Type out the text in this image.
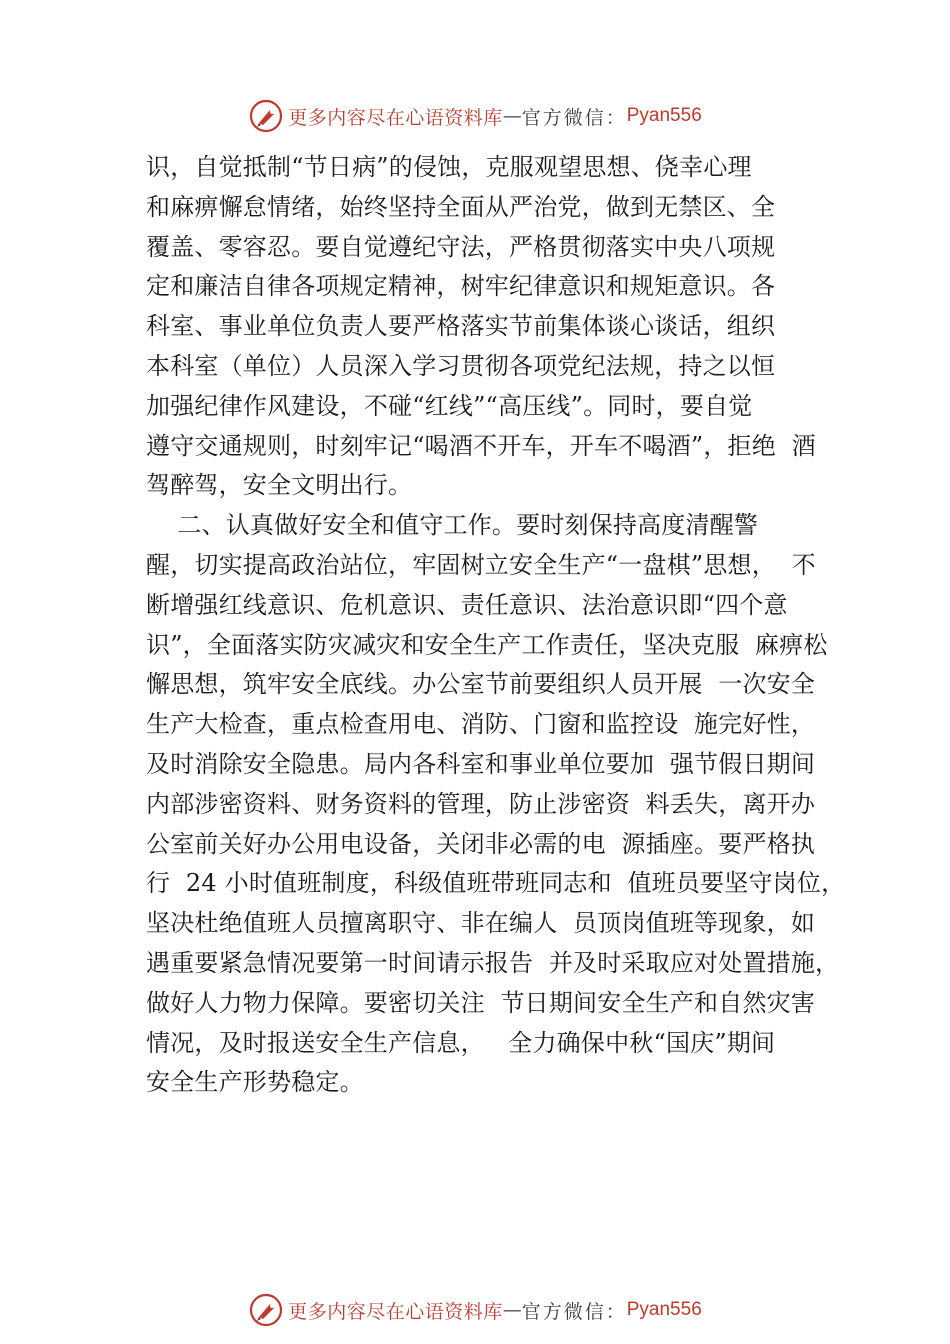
更多内容尽在心语资料库 — 官方微信： Pyan556
识，自觉抵制“节日病”的侵蚀，克服观望思想、侥幸心理
和麻痹懈怠情绪，始终坚持全面从严治党，做到无禁区、全
覆盖、零容忍。要自觉遵纪守法，严格贯彻落实中央八项规
定和廉洁自律各项规定精神，树牢纪律意识和规矩意识。各
科室、事业单位负责人要严格落实节前集体谈心谈话，组织
本科室（单位）人员深入学习贯彻各项党纪法规，持之以恒
加强纪律作风建设，不碰“红线”“高压线”。同时，要自觉
遵守交通规则，时刻牢记“喝酒不开车，开车不喝酒”，拒绝  酒
驾醉驾，安全文明出行。
二、认真做好安全和值守工作。要时刻保持高度清醒警
醒，切实提高政治站位，牢固树立安全生产“一盘棋”思想，  不
断增强红线意识、危机意识、责任意识、法治意识即“四个意
识”，全面落实防灾减灾和安全生产工作责任，坚决克服  麻痹松
懈思想，筑牢安全底线。办公室节前要组织人员开展  一次安全
生产大检查，重点检查用电、消防、门窗和监控设  施完好性，
及时消除安全隐患。局内各科室和事业单位要加  强节假日期间
内部涉密资料、财务资料的管理，防止涉密资  料丢失，离开办
公室前关好办公用电设备，关闭非必需的电  源插座。要严格执
行  24 小时值班制度，科级值班带班同志和  值班员要坚守岗位，
坚决杜绝值班人员擅离职守、非在编人  员顶岗值班等现象，如
遇重要紧急情况要第一时间请示报告  并及时采取应对处置措施，
做好人力物力保障。要密切关注  节日期间安全生产和自然灾害
情况，及时报送安全生产信息，   全力确保中秋“国庆”期间
安全生产形势稳定。
更多内容尽在心语资料库 — 官方微信： Pyan556
